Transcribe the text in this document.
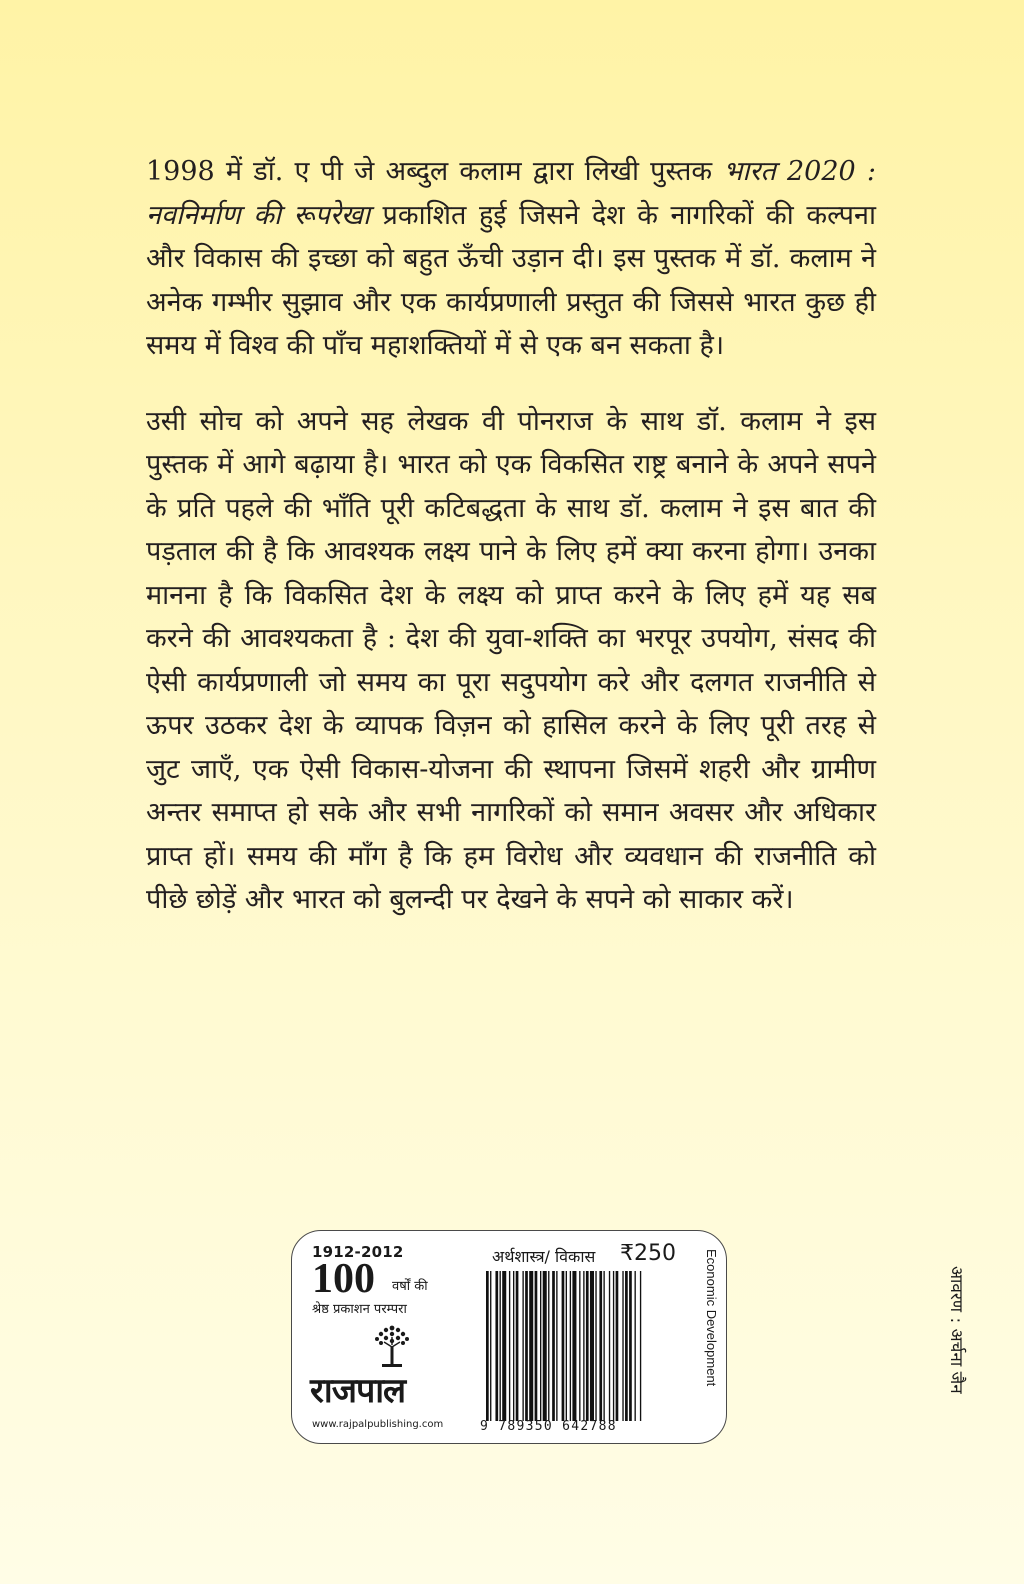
1998 में डॉ. ए पी जे अब्दुल कलाम द्वारा लिखी पुस्तक भारत 2020 : नवनिर्माण की रूपरेखा प्रकाशित हुई जिसने देश के नागरिकों की कल्पना और विकास की इच्छा को बहुत ऊँची उड़ान दी। इस पुस्तक में डॉ. कलाम ने अनेक गम्भीर सुझाव और एक कार्यप्रणाली प्रस्तुत की जिससे भारत कुछ ही समय में विश्व की पाँच महाशक्तियों में से एक बन सकता है।

उसी सोच को अपने सह लेखक वी पोनराज के साथ डॉ. कलाम ने इस पुस्तक में आगे बढ़ाया है। भारत को एक विकसित राष्ट्र बनाने के अपने सपने के प्रति पहले की भाँति पूरी कटिबद्धता के साथ डॉ. कलाम ने इस बात की पड़ताल की है कि आवश्यक लक्ष्य पाने के लिए हमें क्या करना होगा। उनका मानना है कि विकसित देश के लक्ष्य को प्राप्त करने के लिए हमें यह सब करने की आवश्यकता है : देश की युवा-शक्ति का भरपूर उपयोग, संसद की ऐसी कार्यप्रणाली जो समय का पूरा सदुपयोग करे और दलगत राजनीति से ऊपर उठकर देश के व्यापक विज़न को हासिल करने के लिए पूरी तरह से जुट जाएँ, एक ऐसी विकास-योजना की स्थापना जिसमें शहरी और ग्रामीण अन्तर समाप्त हो सके और सभी नागरिकों को समान अवसर और अधिकार प्राप्त हों। समय की माँग है कि हम विरोध और व्यवधान की राजनीति को पीछे छोड़ें और भारत को बुलन्दी पर देखने के सपने को साकार करें।

1912-2012
100 वर्षों की
श्रेष्ठ प्रकाशन परम्परा
राजपाल
www.rajpalpublishing.com
अर्थशास्त्र/ विकास ₹250
9 789350 642788
Economic Development	आवरण : अर्चना जैन
